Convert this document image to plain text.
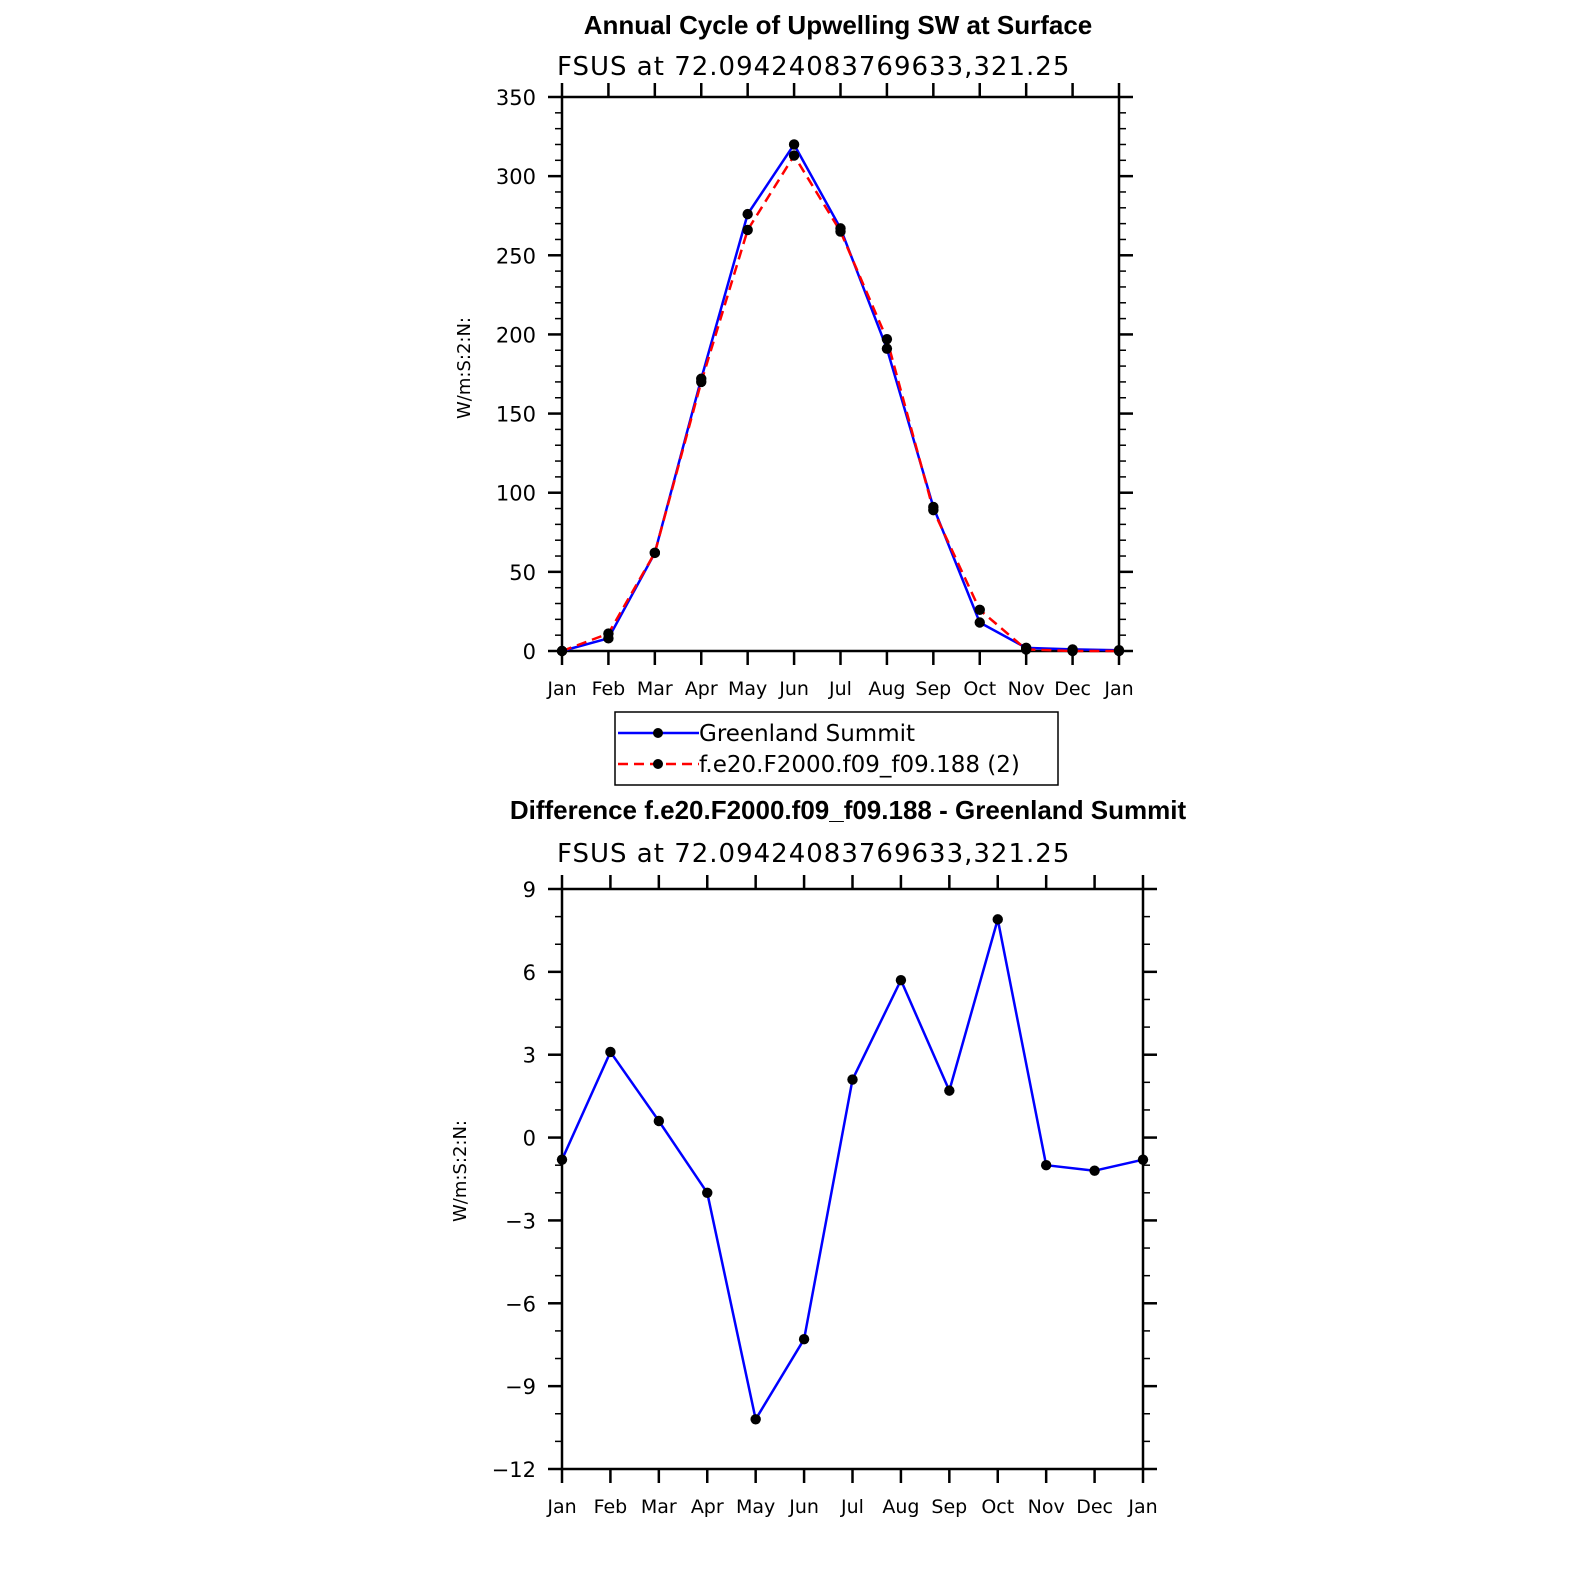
Annual Cycle of Upwelling SW at Surface
FSUS at 72.09424083769633,321.25
W/m:S:2:N:
0
50
100
150
200
250
300
350
Jan Feb Mar Apr May Jun Jul Aug Sep Oct Nov Dec Jan
Greenland Summit
f.e20.F2000.f09_f09.188 (2)
Difference f.e20.F2000.f09_f09.188 - Greenland Summit
FSUS at 72.09424083769633,321.25
W/m:S:2:N:
−12
−9
−6
−3
0
3
6
9
Jan Feb Mar Apr May Jun Jul Aug Sep Oct Nov Dec Jan
